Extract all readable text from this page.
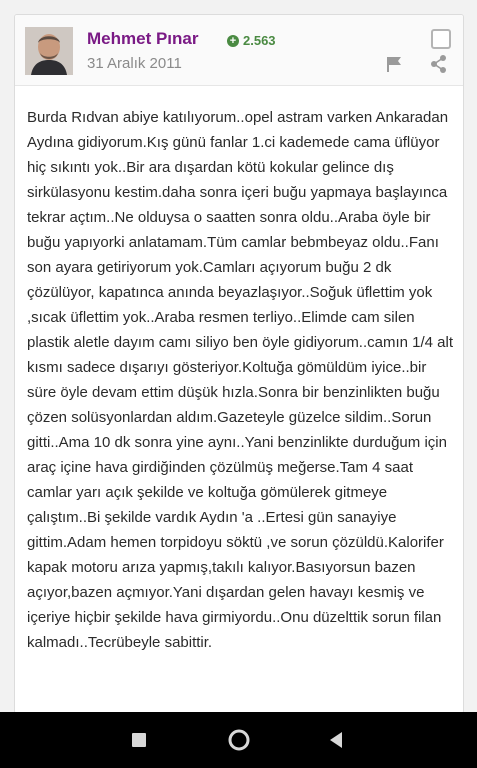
Mehmet Pınar	+ 2.563
31 Aralık 2011

Burda Rıdvan abiye katılıyorum..opel astram varken Ankaradan Aydına gidiyorum.Kış günü fanlar 1.ci kademede cama üflüyor hiç sıkıntı yok..Bir ara dışardan kötü kokular gelince dış sirkülasyonu kestim.daha sonra içeri buğu yapmaya başlayınca tekrar açtım..Ne olduysa o saatten sonra oldu..Araba öyle bir buğu yapıyorki anlatamam.Tüm camlar bebmbeyaz oldu..Fanı son ayara getiriyorum yok.Camları açıyorum buğu 2 dk çözülüyor, kapatınca anında beyazlaşıyor..Soğuk üflettim yok ,sıcak üflettim yok..Araba resmen terliyo..Elimde cam silen plastik aletle dayım camı siliyo ben öyle gidiyorum..camın 1/4 alt kısmı sadece dışarıyı gösteriyor.Koltuğa gömüldüm iyice..bir süre öyle devam ettim düşük hızla.Sonra bir benzinlikten buğu çözen solüsyonlardan aldım.Gazeteyle güzelce sildim..Sorun gitti..Ama 10 dk sonra yine aynı..Yani benzinlikte durduğum için araç içine hava girdiğinden çözülmüş meğerse.Tam 4 saat camlar yarı açık şekilde ve koltuğa gömülerek gitmeye çalıştım..Bi şekilde vardık Aydın 'a ..Ertesi gün sanayiye gittim.Adam hemen torpidoyu söktü ,ve sorun çözüldü.Kalorifer kapak motoru arıza yapmış,takılı kalıyor.Basıyorsun bazen açıyor,bazen açmıyor.Yani dışardan gelen havayı kesmiş ve içeriye hiçbir şekilde hava girmiyordu..Onu düzelttik sorun filan kalmadı..Tecrübeyle sabittir.
